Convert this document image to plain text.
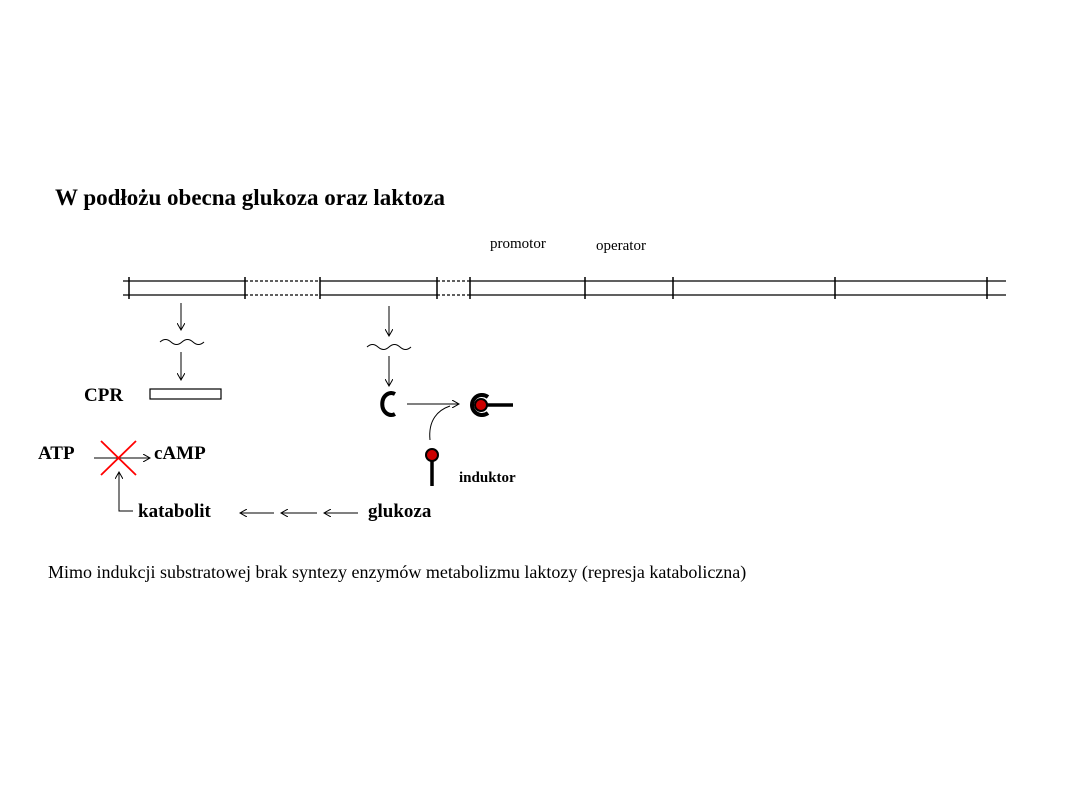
W podłożu obecna glukoza oraz laktoza
promotor	operator
CPR
ATP	cAMP
katabolit	glukoza
induktor
Mimo indukcji substratowej brak syntezy enzymów metabolizmu laktozy (represja kataboliczna)
